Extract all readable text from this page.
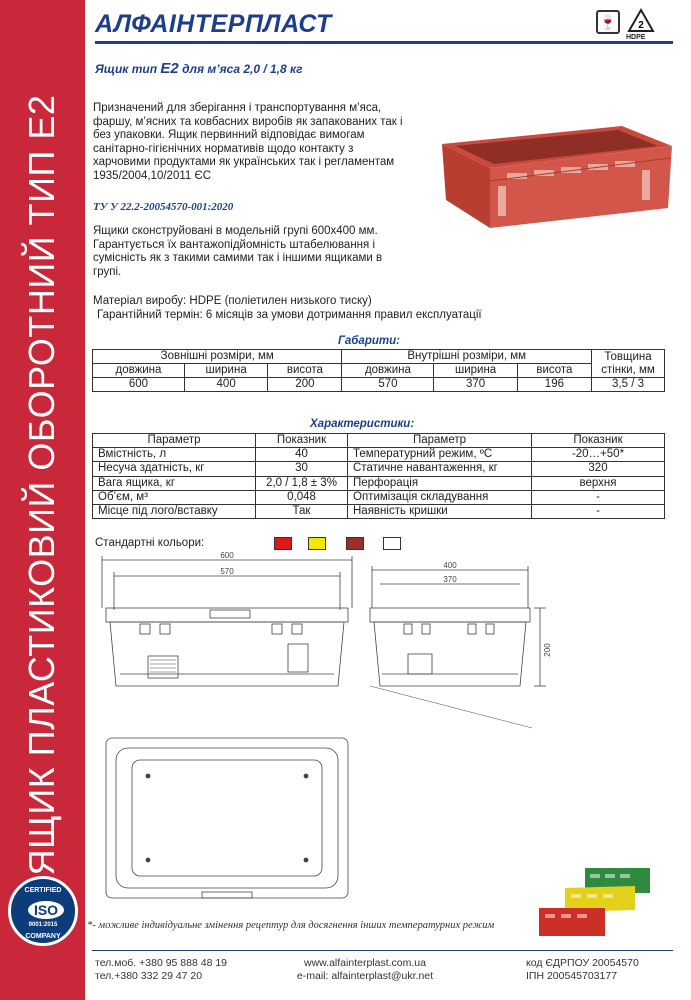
ЯЩИК ПЛАСТИКОВИЙ ОБОРОТНИЙ ТИП Е2
CERTIFIED
ISO
9001:2015
COMPANY
АЛФАІНТЕРПЛАСТ	🍷	2
HDPE
Ящик тип Е2 для м’яса 2,0 / 1,8 кг
Призначений для зберігання і транспортування м’яса, фаршу, м’ясних та ковбасних виробів як запакованих так і без упаковки. Ящик первинний відповідає вимогам санітарно-гігієнічних нормативів щодо контакту з харчовими продуктами як українських так і регламентам 1935/2004,10/2011 ЄС
ТУ У 22.2-20054570-001:2020
Ящики сконструйовані в модельній групі 600х400 мм. Гарантується їх вантажопідйомність штабелювання і сумісність як з такими самими так і іншими ящиками в групі.
Матеріал виробу: HDPE (поліетилен низького тиску)
Гарантійний термін: 6 місяців за умови дотримання правил експлуатації
Габарити:
Зовнішні розміри, мм			Внутрішні розміри, мм			Товщина стінки, мм
довжина	ширина	висота	довжина	ширина	висота	
600	400	200	570	370	196	3,5 / 3
Характеристики:
Параметр	Показник	Параметр	Показник
Вмістність, л	40	Температурний режим, ºC	-20…+50*
Несуча здатність, кг	30	Статичне навантаження, кг	320
Вага ящика, кг	2,0 / 1,8 ± 3%	Перфорація	верхня
Об’єм, м³	0,048	Оптимізація складування	-
Місце під лого/вставку	Так	Наявність кришки	-
Стандартні кольори:
600
570
400
370
200
*- можливе індивідуальне змінення рецептур для досягнення інших температурних режим
тел.моб. +380 95 888 48 19
тел.+380 332 29 47 20
www.alfainterplast.com.ua
e-mail: alfainterplast@ukr.net
код ЄДРПОУ 20054570
ІПН 200545703177
